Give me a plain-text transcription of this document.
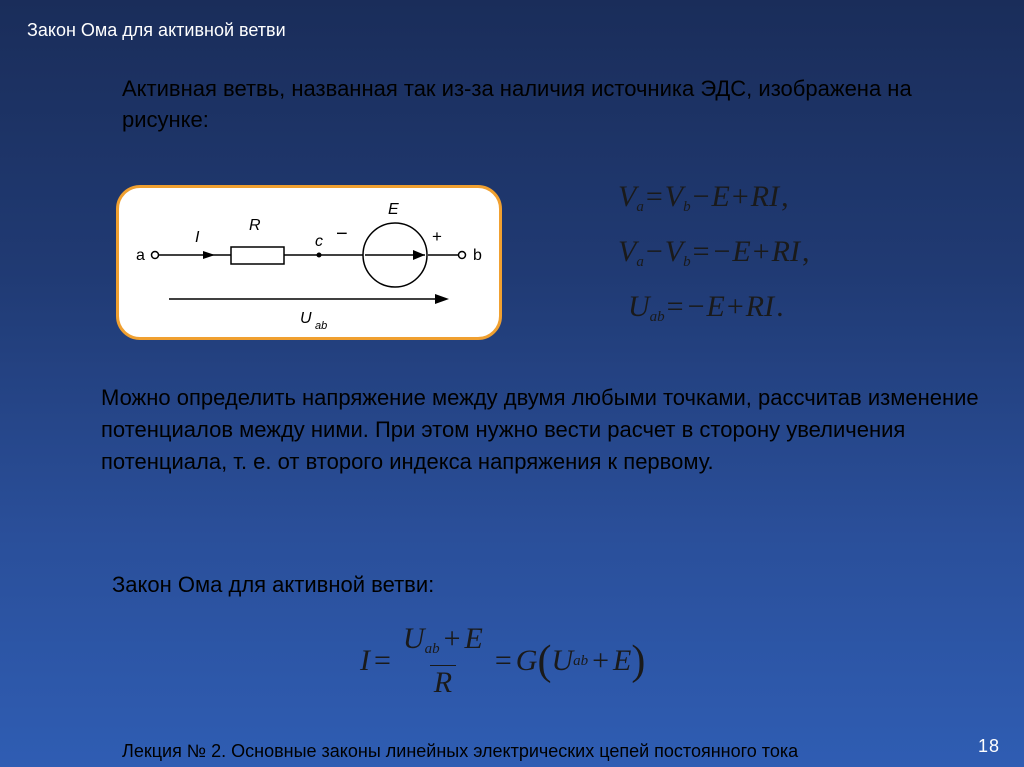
Закон Ома для активной ветви
Активная ветвь, названная так из-за наличия источника ЭДС, изображена на рисунке:
a	b
c
I
R
E
−	+
U ab
$V_a=V_b-E+RI$,
$V_a-V_b= -E+RI$,
$U_{ab}= -E+RI$.
Можно определить напряжение между двумя любыми точками, рассчитав изменение потенциалов между ними. При этом нужно вести расчет в сторону увеличения потенциала, т. е. от второго индекса напряжения к первому.
Закон Ома для активной ветви:
$I = \frac{U_{ab} + E}{R} = G$ ( U ab + E )
Лекция № 2. Основные законы линейных электрических цепей постоянного тока	18
